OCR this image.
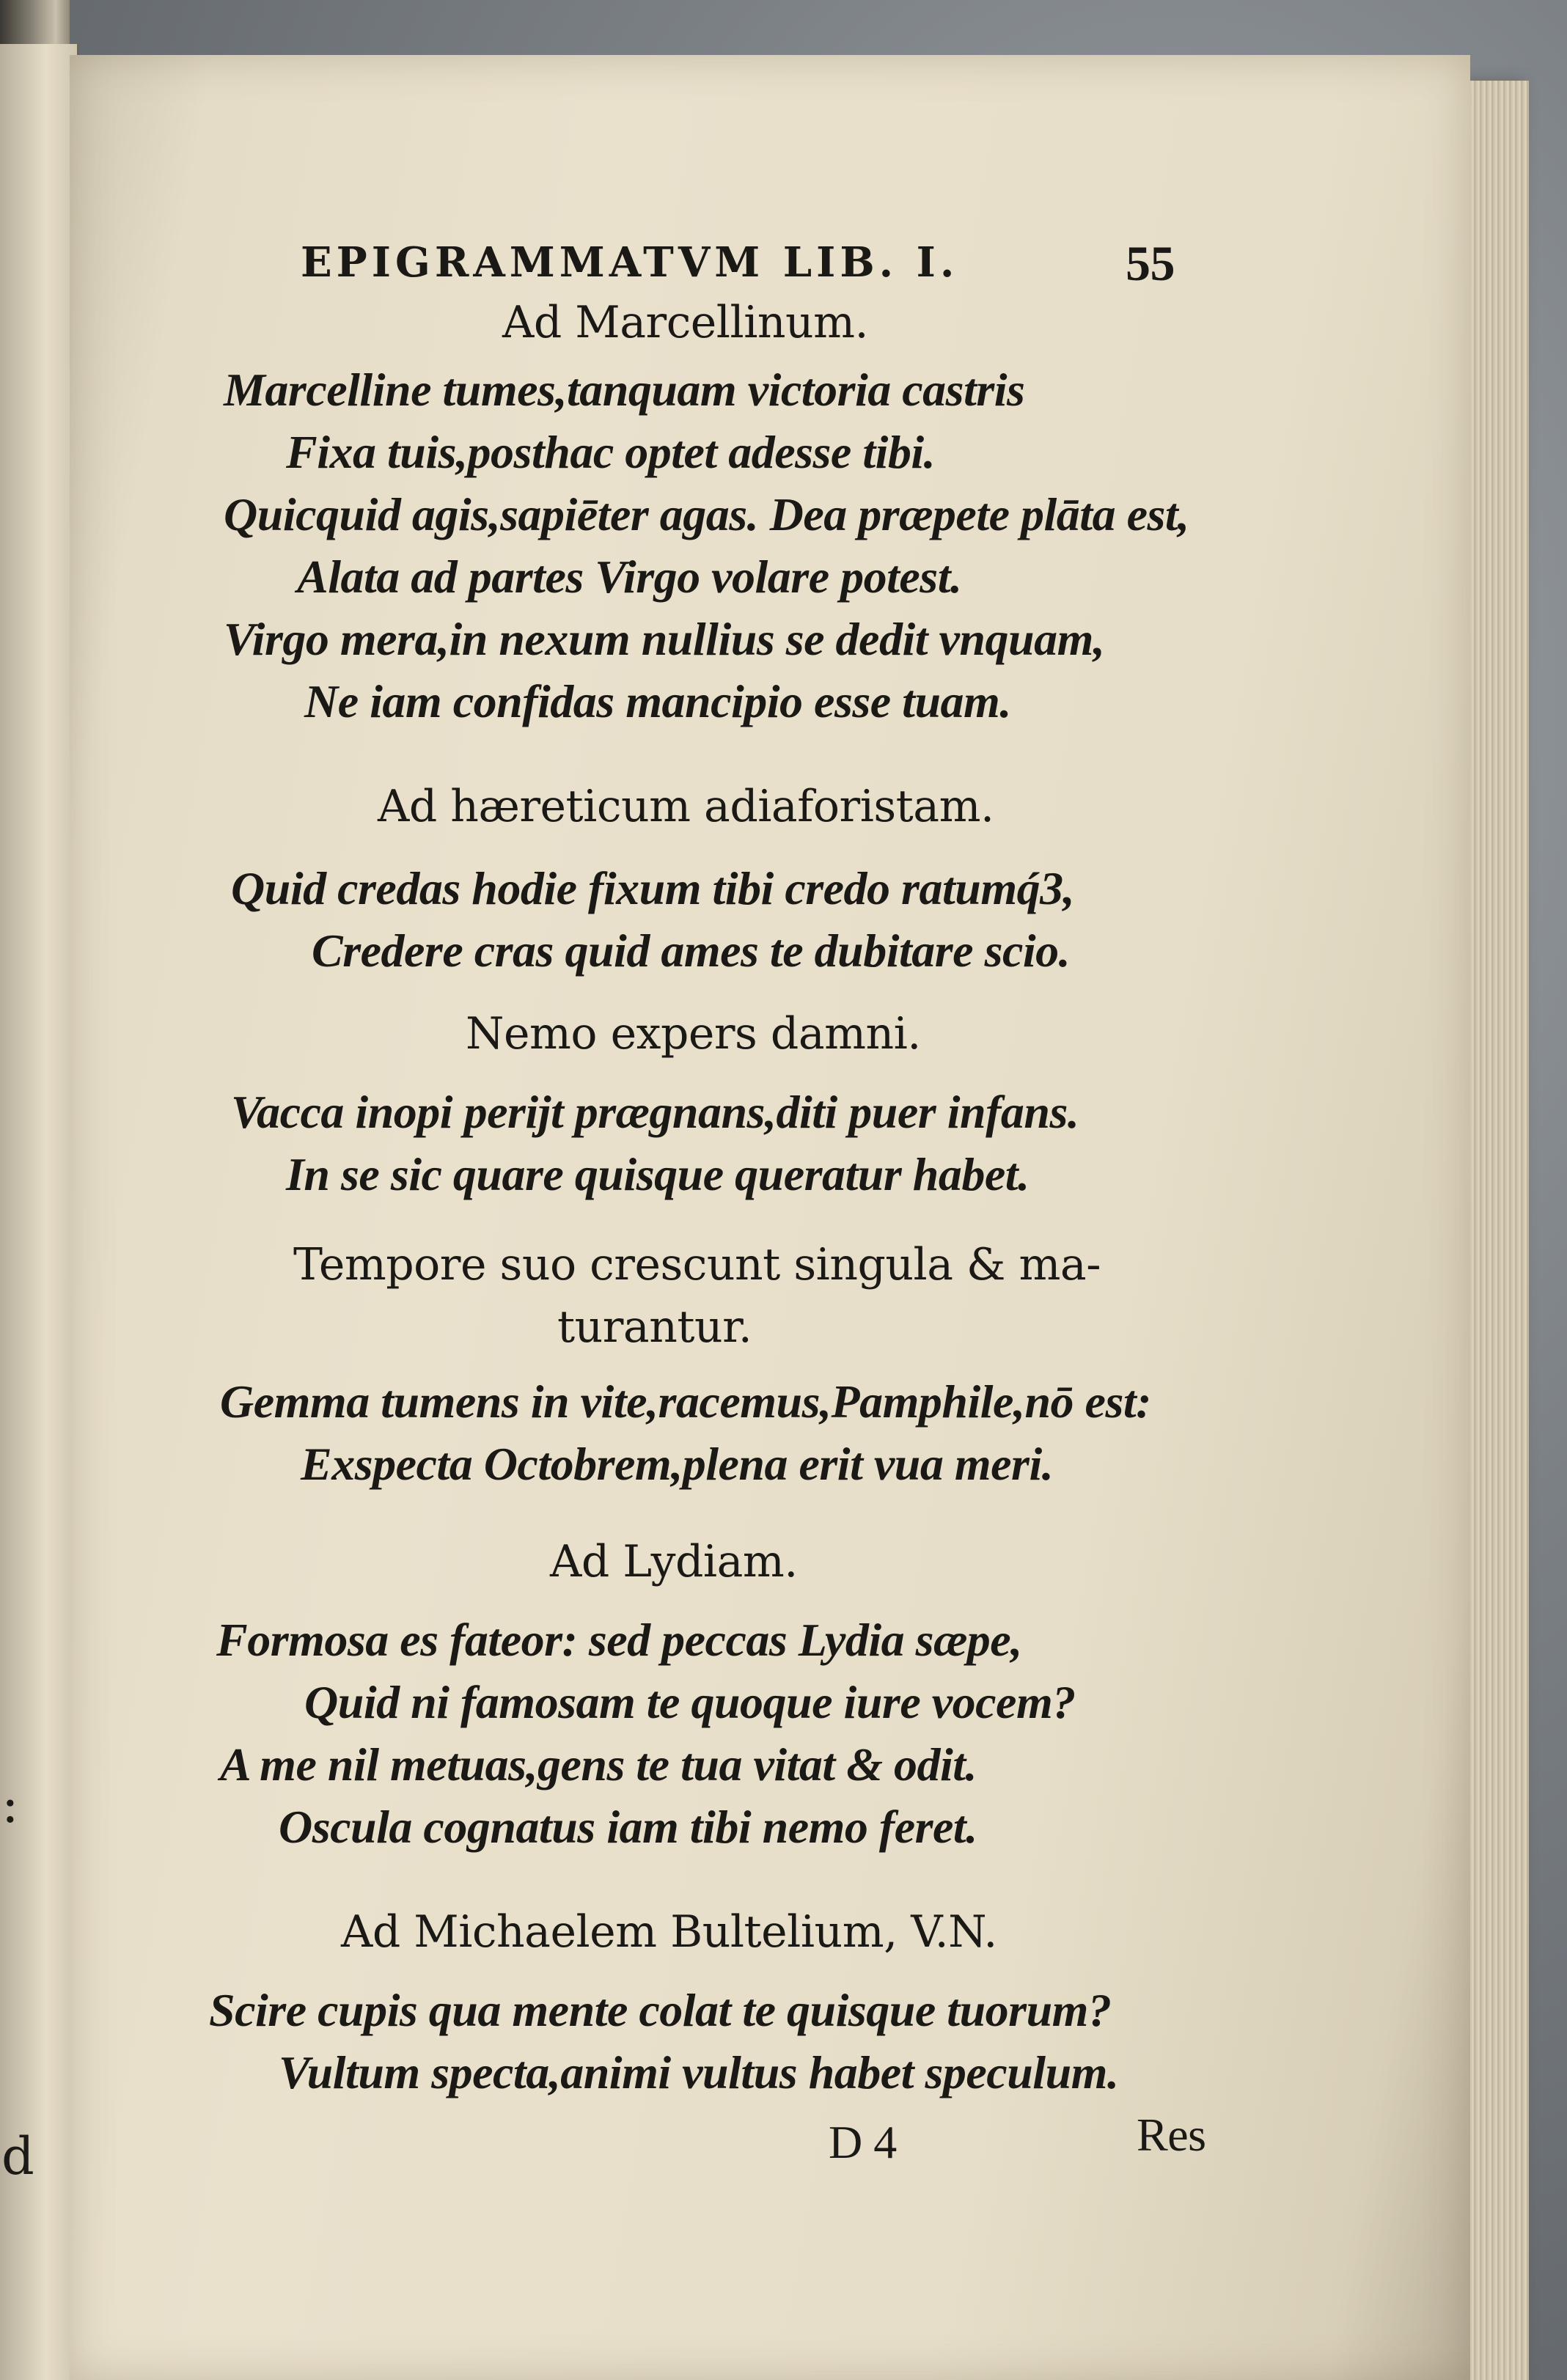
:
d
EPIGRAMMATVM LIB. I.	55
Ad Marcellinum.
Marcelline tumes,tanquam victoria castris
Fixa tuis,posthac optet adesse tibi.
Quicquid agis,sapiēter agas. Dea præpete plāta est,
Alata ad partes Virgo volare potest.
Virgo mera,in nexum nullius se dedit vnquam,
Ne iam confidas mancipio esse tuam.
Ad hæreticum adiaforistam.
Quid credas hodie fixum tibi credo ratumq́3,
Credere cras quid ames te dubitare scio.
Nemo expers damni.
Vacca inopi perijt prægnans,diti puer infans.
In se sic quare quisque queratur habet.
Tempore suo crescunt singula & ma-
turantur.
Gemma tumens in vite,racemus,Pamphile,nō est:
Exspecta Octobrem,plena erit vua meri.
Ad Lydiam.
Formosa es fateor: sed peccas Lydia sæpe,
Quid ni famosam te quoque iure vocem?
A me nil metuas,gens te tua vitat & odit.
Oscula cognatus iam tibi nemo feret.
Ad Michaelem Bultelium, V.N.
Scire cupis qua mente colat te quisque tuorum?
Vultum specta,animi vultus habet speculum.
D 4	Res
